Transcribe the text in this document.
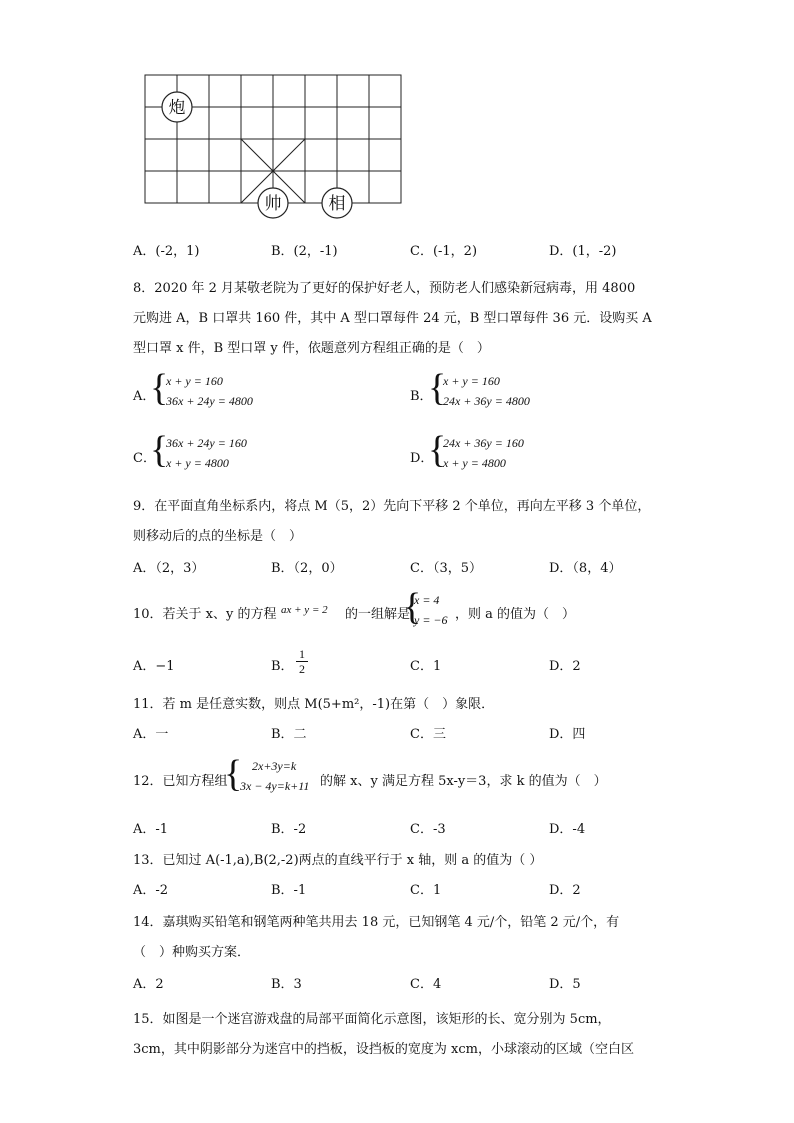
炮
帅	相
A．(-2，1)	B．(2，-1)	C．(-1，2)	D．(1，-2)
8．2020 年 2 月某敬老院为了更好的保护好老人，预防老人们感染新冠病毒，用 4800
元购进 A，B 口罩共 160 件，其中 A 型口罩每件 24 元，B 型口罩每件 36 元．设购买 A
型口罩 x 件，B 型口罩 y 件，依题意列方程组正确的是（　）
A．
{
x + y = 160
36x + 24y = 4800	B．
{
x + y = 160
24x + 36y = 4800
C．
{
36x + 24y = 160
x + y = 4800	D．
{
24x + 36y = 160
x + y = 4800
9．在平面直角坐标系内，将点 M（5，2）先向下平移 2 个单位，再向左平移 3 个单位，
则移动后的点的坐标是（　）
A．（2，3）	B．（2，0）	C．（3，5）	D．（8，4）
10．若关于 x、y 的方程 ax + y = 2 的一组解是
{
x = 4
y = −6 ，则 a 的值为（　）
A．−1	B． $\frac{1}{2}$	C．1	D．2
11．若 m 是任意实数，则点 M(5+m²，-1)在第（　）象限．
A．一	B．二	C．三	D．四
12．已知方程组
{ 2x+3y=k
3x − 4y=k+11 的解 x、y 满足方程 5x-y＝3，求 k 的值为（　）
A．-1	B．-2	C．-3	D．-4
13．已知过 A(-1,a),B(2,-2)两点的直线平行于 x 轴，则 a 的值为（ ）
A．-2	B．-1	C．1	D．2
14．嘉琪购买铅笔和钢笔两种笔共用去 18 元，已知钢笔 4 元/个，铅笔 2 元/个，有
（　）种购买方案．
A．2	B．3	C．4	D．5
15．如图是一个迷宫游戏盘的局部平面简化示意图，该矩形的长、宽分别为 5cm，
3cm，其中阴影部分为迷宫中的挡板，设挡板的宽度为 xcm，小球滚动的区域（空白区
